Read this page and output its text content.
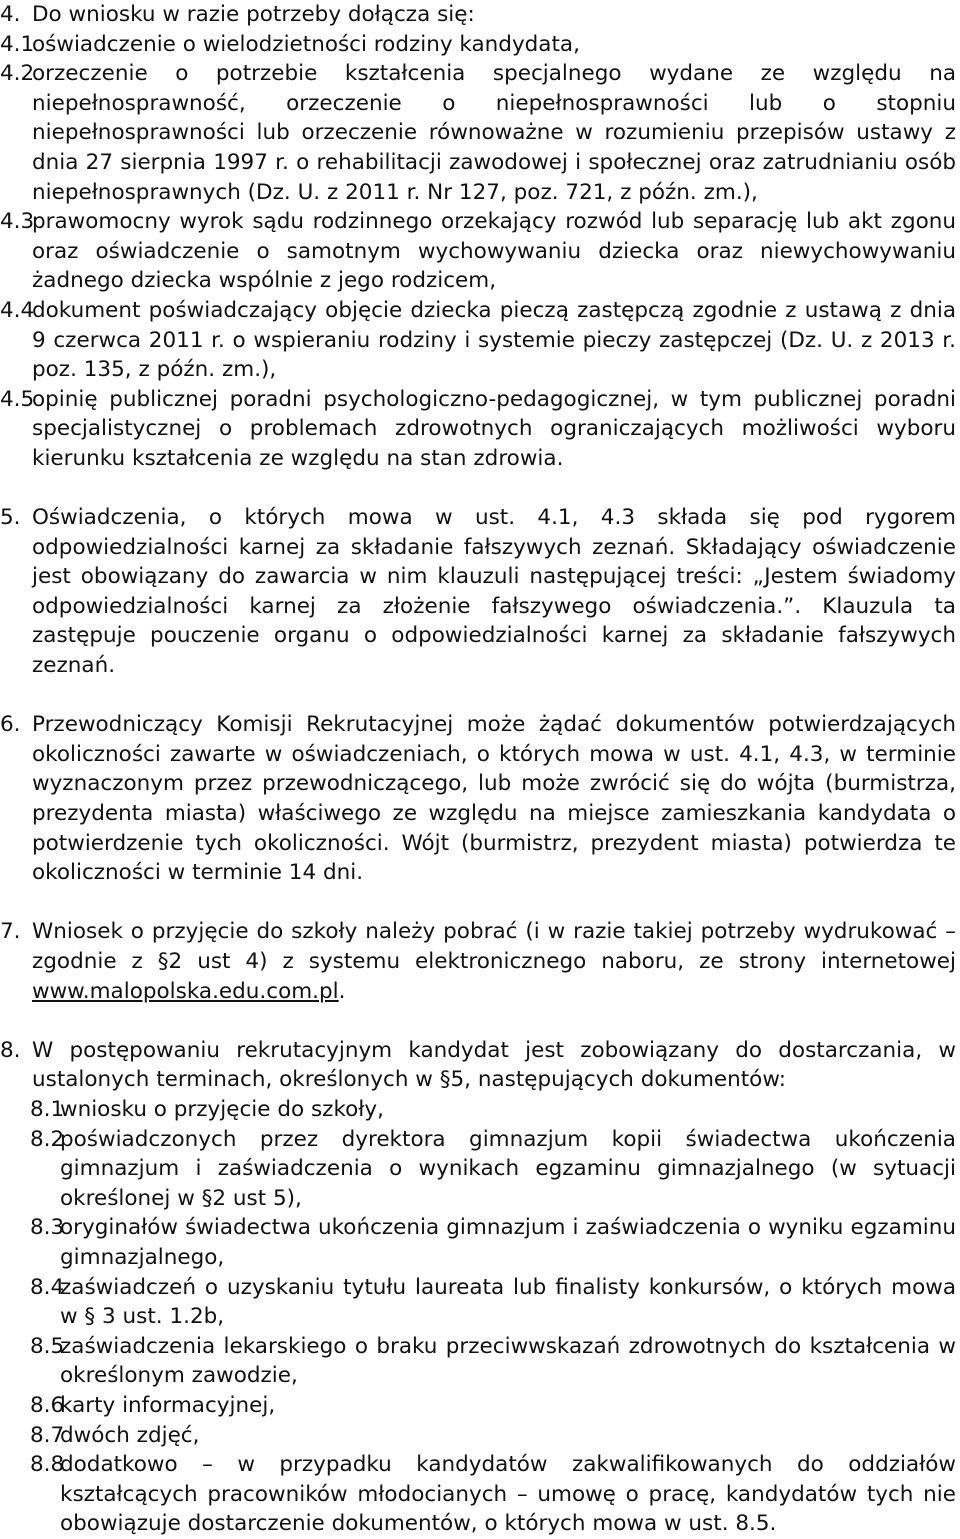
4. Do wniosku w razie potrzeby dołącza się:
4.1
oświadczenie o wielodzietności rodziny kandydata,
4.2
orzeczenie o potrzebie kształcenia specjalnego wydane ze względu na niepełnosprawność, orzeczenie o niepełnosprawności lub o stopniu niepełnosprawności lub orzeczenie równoważne w rozumieniu przepisów ustawy z dnia 27 sierpnia 1997 r. o rehabilitacji zawodowej i społecznej oraz zatrudnianiu osób niepełnosprawnych (Dz. U. z 2011 r. Nr 127, poz. 721, z późn. zm.),
4.3
prawomocny wyrok sądu rodzinnego orzekający rozwód lub separację lub akt zgonu oraz oświadczenie o samotnym wychowywaniu dziecka oraz niewychowywaniu żadnego dziecka wspólnie z jego rodzicem,
4.4
dokument poświadczający objęcie dziecka pieczą zastępczą zgodnie z ustawą z dnia 9 czerwca 2011 r. o wspieraniu rodziny i systemie pieczy zastępczej (Dz. U. z 2013 r. poz. 135, z późn. zm.),
4.5
opinię publicznej poradni psychologiczno-pedagogicznej, w tym publicznej poradni specjalistycznej o problemach zdrowotnych ograniczających możliwości wyboru kierunku kształcenia ze względu na stan zdrowia.
5. Oświadczenia, o których mowa w ust. 4.1, 4.3 składa się pod rygorem odpowiedzialności karnej za składanie fałszywych zeznań. Składający oświadczenie jest obowiązany do zawarcia w nim klauzuli następującej treści: „Jestem świadomy odpowiedzialności karnej za złożenie fałszywego oświadczenia.”. Klauzula ta zastępuje pouczenie organu o odpowiedzialności karnej za składanie fałszywych zeznań.
6. Przewodniczący Komisji Rekrutacyjnej może żądać dokumentów potwierdzających okoliczności zawarte w oświadczeniach, o których mowa w ust. 4.1, 4.3, w terminie wyznaczonym przez przewodniczącego, lub może zwrócić się do wójta (burmistrza, prezydenta miasta) właściwego ze względu na miejsce zamieszkania kandydata o potwierdzenie tych okoliczności. Wójt (burmistrz, prezydent miasta) potwierdza te okoliczności w terminie 14 dni.
7. Wniosek o przyjęcie do szkoły należy pobrać (i w razie takiej potrzeby wydrukować – zgodnie z §2 ust 4) z systemu elektronicznego naboru, ze strony internetowej www.malopolska.edu.com.pl.
8. W postępowaniu rekrutacyjnym kandydat jest zobowiązany do dostarczania, w ustalonych terminach, określonych w §5, następujących dokumentów:
8.1
wniosku o przyjęcie do szkoły,
8.2
poświadczonych przez dyrektora gimnazjum kopii świadectwa ukończenia gimnazjum i zaświadczenia o wynikach egzaminu gimnazjalnego (w sytuacji określonej w §2 ust 5),
8.3
oryginałów świadectwa ukończenia gimnazjum i zaświadczenia o wyniku egzaminu gimnazjalnego,
8.4
zaświadczeń o uzyskaniu tytułu laureata lub finalisty konkursów, o których mowa w § 3 ust. 1.2b,
8.5
zaświadczenia lekarskiego o braku przeciwwskazań zdrowotnych do kształcenia w określonym zawodzie,
8.6
karty informacyjnej,
8.7
dwóch zdjęć,
8.8
dodatkowo – w przypadku kandydatów zakwalifikowanych do oddziałów kształcących pracowników młodocianych – umowę o pracę, kandydatów tych nie obowiązuje dostarczenie dokumentów, o których mowa w ust. 8.5.
